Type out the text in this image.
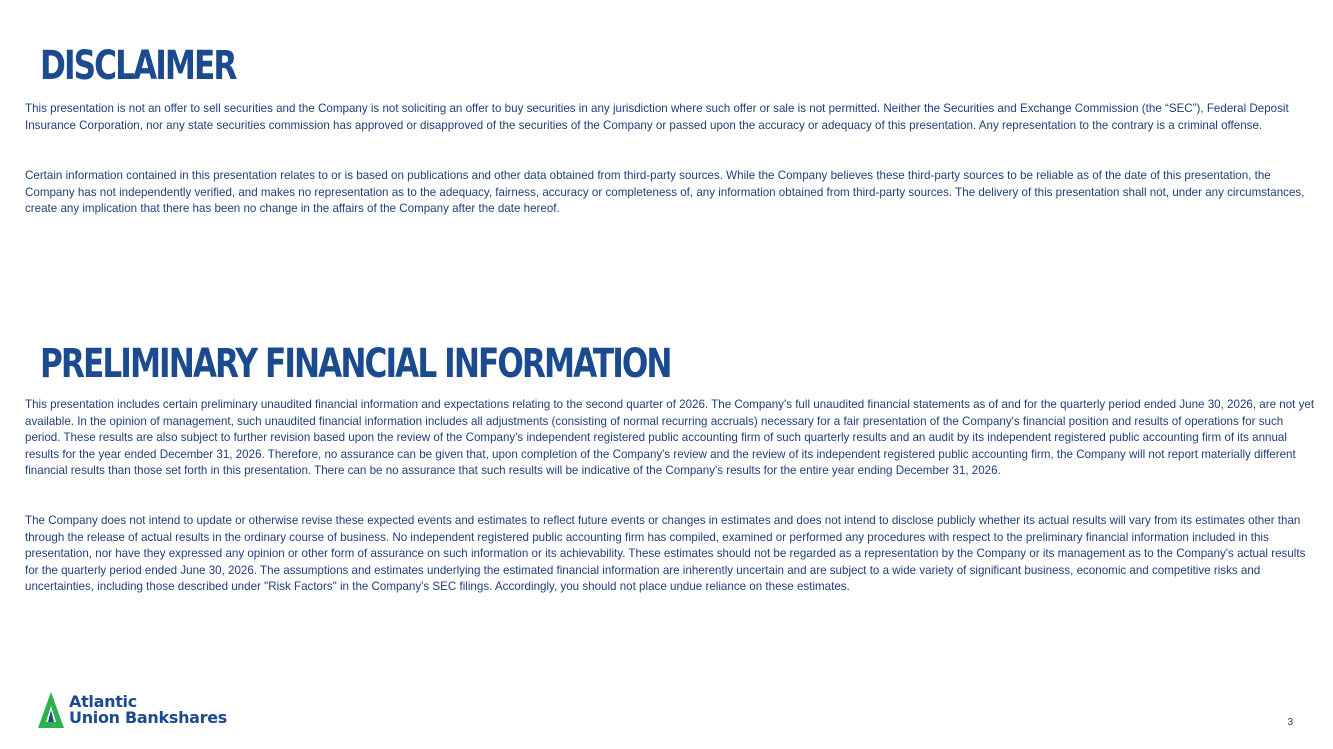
DISCLAIMER

This presentation is not an offer to sell securities and the Company is not soliciting an offer to buy securities in any jurisdiction where such offer or sale is not permitted. Neither the Securities and Exchange Commission (the “SEC”), Federal Deposit Insurance Corporation, nor any state securities commission has approved or disapproved of the securities of the Company or passed upon the accuracy or adequacy of this presentation. Any representation to the contrary is a criminal offense.

Certain information contained in this presentation relates to or is based on publications and other data obtained from third-party sources. While the Company believes these third-party sources to be reliable as of the date of this presentation, the Company has not independently verified, and makes no representation as to the adequacy, fairness, accuracy or completeness of, any information obtained from third-party sources. The delivery of this presentation shall not, under any circumstances, create any implication that there has been no change in the affairs of the Company after the date hereof.

PRELIMINARY FINANCIAL INFORMATION

This presentation includes certain preliminary unaudited financial information and expectations relating to the second quarter of 2026. The Company's full unaudited financial statements as of and for the quarterly period ended June 30, 2026, are not yet available. In the opinion of management, such unaudited financial information includes all adjustments (consisting of normal recurring accruals) necessary for a fair presentation of the Company's financial position and results of operations for such period. These results are also subject to further revision based upon the review of the Company's independent registered public accounting firm of such quarterly results and an audit by its independent registered public accounting firm of its annual results for the year ended December 31, 2026. Therefore, no assurance can be given that, upon completion of the Company's review and the review of its independent registered public accounting firm, the Company will not report materially different financial results than those set forth in this presentation. There can be no assurance that such results will be indicative of the Company's results for the entire year ending December 31, 2026.

The Company does not intend to update or otherwise revise these expected events and estimates to reflect future events or changes in estimates and does not intend to disclose publicly whether its actual results will vary from its estimates other than through the release of actual results in the ordinary course of business. No independent registered public accounting firm has compiled, examined or performed any procedures with respect to the preliminary financial information included in this presentation, nor have they expressed any opinion or other form of assurance on such information or its achievability. These estimates should not be regarded as a representation by the Company or its management as to the Company's actual results for the quarterly period ended June 30, 2026. The assumptions and estimates underlying the estimated financial information are inherently uncertain and are subject to a wide variety of significant business, economic and competitive risks and uncertainties, including those described under "Risk Factors" in the Company's SEC filings. Accordingly, you should not place undue reliance on these estimates.

Atlantic
Union Bankshares	3
